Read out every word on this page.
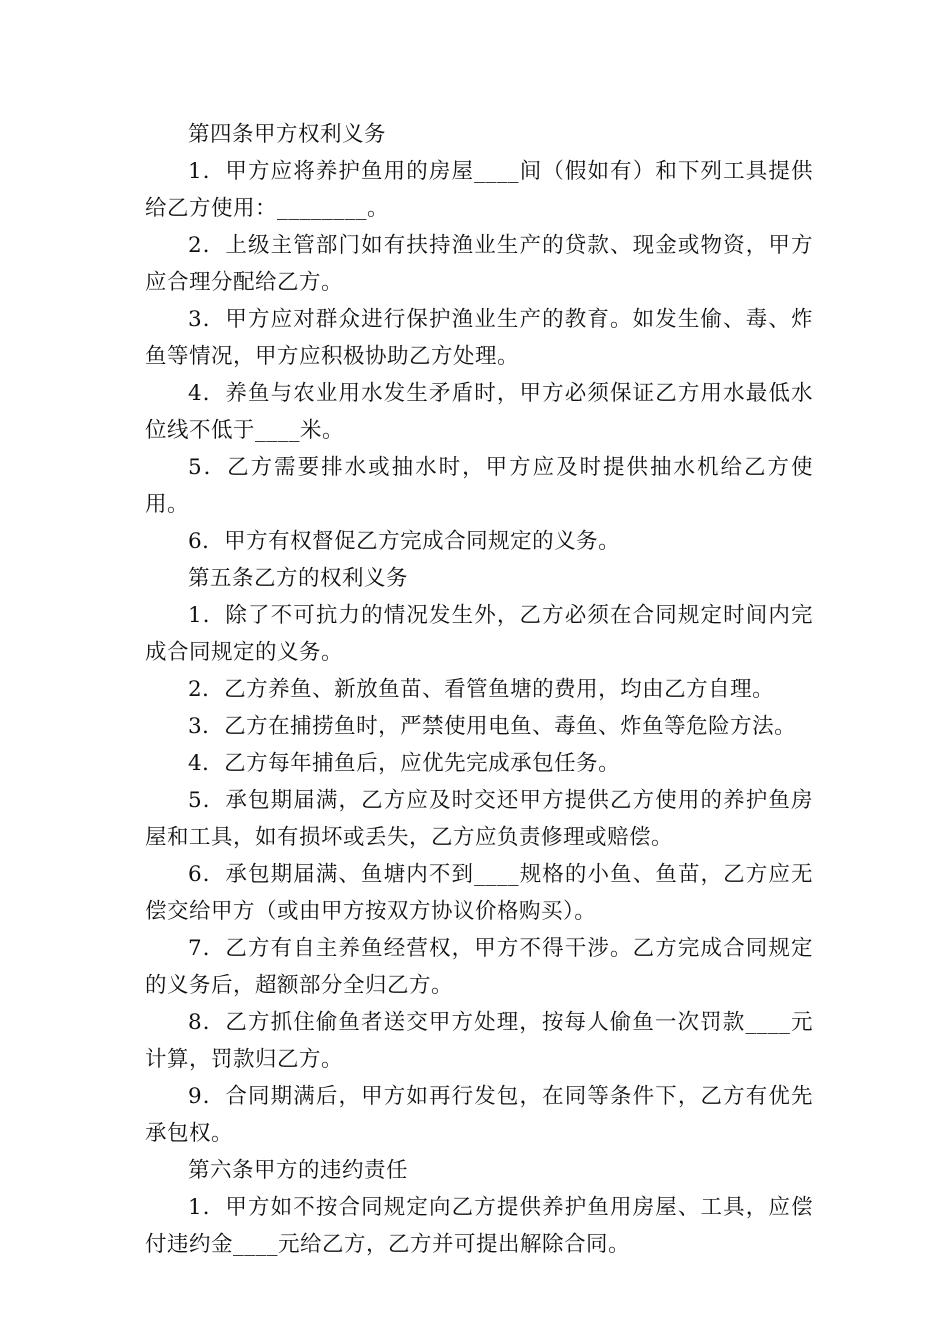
第四条甲方权利义务

1．甲方应将养护鱼用的房屋____间（假如有）和下列工具提供给乙方使用：________。

2．上级主管部门如有扶持渔业生产的贷款、现金或物资，甲方应合理分配给乙方。

3．甲方应对群众进行保护渔业生产的教育。如发生偷、毒、炸鱼等情况，甲方应积极协助乙方处理。

4．养鱼与农业用水发生矛盾时，甲方必须保证乙方用水最低水位线不低于____米。

5．乙方需要排水或抽水时，甲方应及时提供抽水机给乙方使用。

6．甲方有权督促乙方完成合同规定的义务。

第五条乙方的权利义务

1．除了不可抗力的情况发生外，乙方必须在合同规定时间内完成合同规定的义务。

2．乙方养鱼、新放鱼苗、看管鱼塘的费用，均由乙方自理。

3．乙方在捕捞鱼时，严禁使用电鱼、毒鱼、炸鱼等危险方法。

4．乙方每年捕鱼后，应优先完成承包任务。

5．承包期届满，乙方应及时交还甲方提供乙方使用的养护鱼房屋和工具，如有损坏或丢失，乙方应负责修理或赔偿。

6．承包期届满、鱼塘内不到____规格的小鱼、鱼苗，乙方应无偿交给甲方（或由甲方按双方协议价格购买）。

7．乙方有自主养鱼经营权，甲方不得干涉。乙方完成合同规定的义务后，超额部分全归乙方。

8．乙方抓住偷鱼者送交甲方处理，按每人偷鱼一次罚款____元计算，罚款归乙方。

9．合同期满后，甲方如再行发包，在同等条件下，乙方有优先承包权。

第六条甲方的违约责任

1．甲方如不按合同规定向乙方提供养护鱼用房屋、工具，应偿付违约金____元给乙方，乙方并可提出解除合同。
